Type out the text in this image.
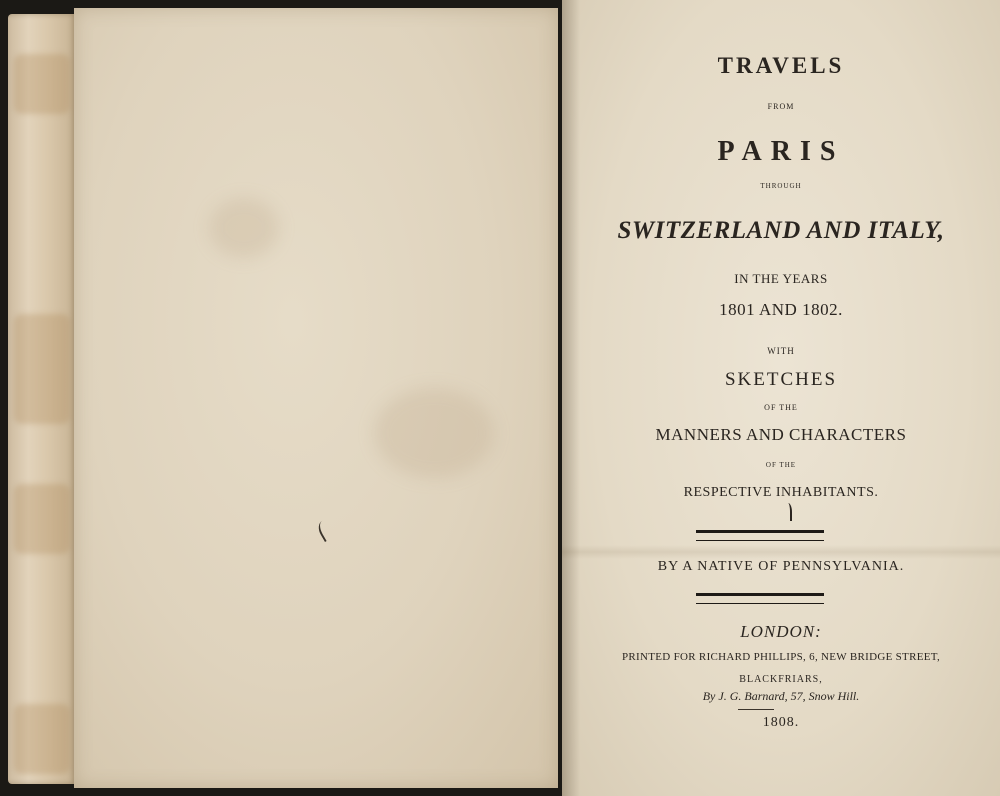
TRAVELS
FROM
PARIS
THROUGH
SWITZERLAND AND ITALY,
IN THE YEARS
1801 AND 1802.
WITH
SKETCHES
OF THE
MANNERS AND CHARACTERS
OF THE
RESPECTIVE INHABITANTS.
BY A NATIVE OF PENNSYLVANIA.
LONDON:
PRINTED FOR RICHARD PHILLIPS, 6, NEW BRIDGE STREET,
BLACKFRIARS,
By J. G. Barnard, 57, Snow Hill.
1808.
